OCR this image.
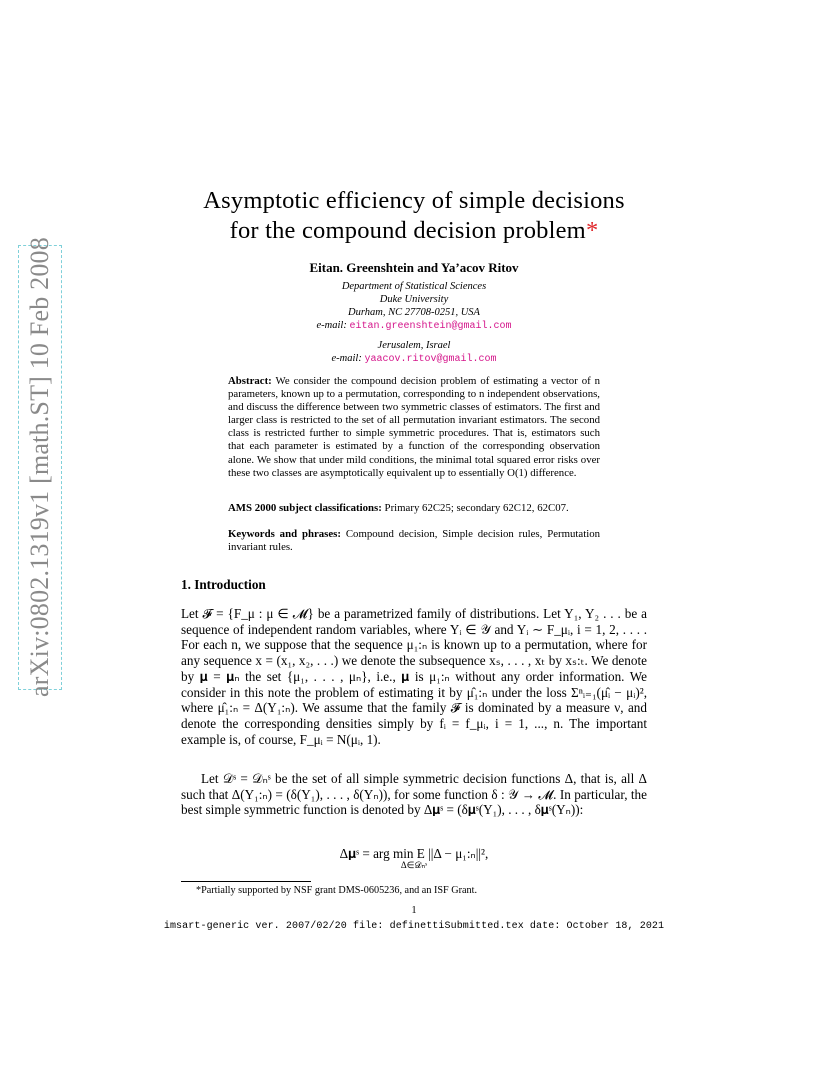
arXiv:0802.1319v1 [math.ST] 10 Feb 2008
Asymptotic efficiency of simple decisions
for the compound decision problem*
Eitan. Greenshtein and Ya’acov Ritov
Department of Statistical Sciences
Duke University
Durham, NC 27708-0251, USA
e-mail: eitan.greenshtein@gmail.com
Jerusalem, Israel
e-mail: yaacov.ritov@gmail.com
Abstract: We consider the compound decision problem of estimating a vector of n parameters, known up to a permutation, corresponding to n independent observations, and discuss the difference between two symmetric classes of estimators. The first and larger class is restricted to the set of all permutation invariant estimators. The second class is restricted further to simple symmetric procedures. That is, estimators such that each parameter is estimated by a function of the corresponding observation alone. We show that under mild conditions, the minimal total squared error risks over these two classes are asymptotically equivalent up to essentially O(1) difference.
AMS 2000 subject classifications: Primary 62C25; secondary 62C12, 62C07.
Keywords and phrases: Compound decision, Simple decision rules, Permutation invariant rules.
1. Introduction
Let 𝓕 = {F_μ : μ ∈ 𝓜} be a parametrized family of distributions. Let Y₁, Y₂ . . . be a sequence of independent random variables, where Yᵢ ∈ 𝒴 and Yᵢ ∼ F_μᵢ, i = 1, 2, . . . . For each n, we suppose that the sequence μ₁:ₙ is known up to a permutation, where for any sequence x = (x₁, x₂, . . .) we denote the subsequence xₛ, . . . , xₜ by xₛ:ₜ. We denote by 𝛍 = 𝛍ₙ the set {μ₁, . . . , μₙ}, i.e., 𝛍 is μ₁:ₙ without any order information. We consider in this note the problem of estimating it by μ̂₁:ₙ under the loss Σⁿᵢ₌₁(μ̂ᵢ − μᵢ)², where μ̂₁:ₙ = Δ(Y₁:ₙ). We assume that the family 𝓕 is dominated by a measure ν, and denote the corresponding densities simply by fᵢ = f_μᵢ, i = 1, ..., n. The important example is, of course, F_μᵢ = N(μᵢ, 1).
Let 𝒟ˢ = 𝒟ₙˢ be the set of all simple symmetric decision functions Δ, that is, all Δ such that Δ(Y₁:ₙ) = (δ(Y₁), . . . , δ(Yₙ)), for some function δ : 𝒴 → 𝓜. In particular, the best simple symmetric function is denoted by Δ𝛍ˢ = (δ𝛍ˢ(Y₁), . . . , δ𝛍ˢ(Yₙ)):
Δ𝛍ˢ = arg min E ||Δ − μ₁:ₙ||²,
Δ∈𝒟ₙˢ
*Partially supported by NSF grant DMS-0605236, and an ISF Grant.
1
imsart-generic ver. 2007/02/20 file: definettiSubmitted.tex date: October 18, 2021
